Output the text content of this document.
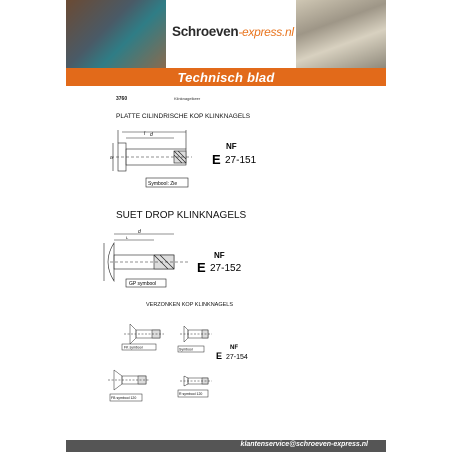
Schroeven-express.nl
Technisch blad
3760	Klinknagelkeer
PLATTE CILINDRISCHE KOP KLINKNAGELS
l d
D
Symbool: Zie
NF
E 27-151
SUET DROP KLINKNAGELS
d
L
GP symbool
NF
E 27-152
VERZONKEN KOP KLINKNAGELS
FK symbool	Symbool
FB symbool 120
R symbool 120
NF
E 27-154
klantenservice@schroeven-express.nl
